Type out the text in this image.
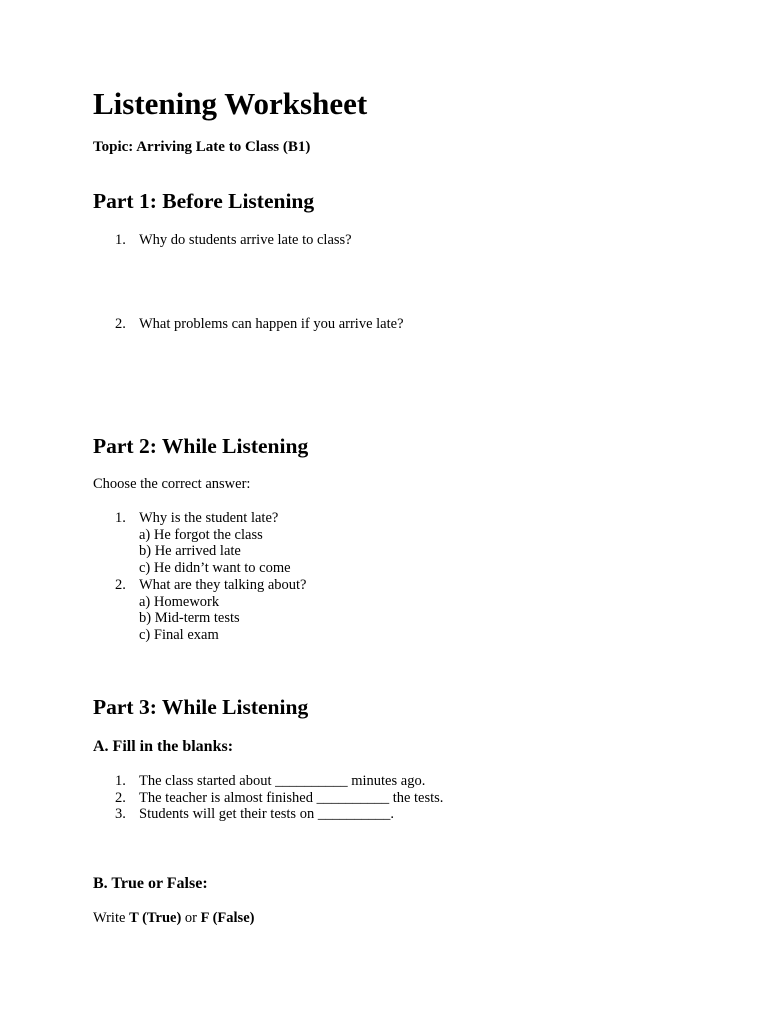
Listening Worksheet

Topic: Arriving Late to Class (B1)

Part 1: Before Listening
1. Why do students arrive late to class?
2. What problems can happen if you arrive late?
Part 2: While Listening

Choose the correct answer:

1. Why is the student late?
a) He forgot the class
b) He arrived late
c) He didn’t want to come
2. What are they talking about?
a) Homework
b) Mid-term tests
c) Final exam
Part 3: While Listening
A. Fill in the blanks:
1. The class started about __________ minutes ago.
2. The teacher is almost finished __________ the tests.
3. Students will get their tests on __________.
B. True or False:

Write T (True) or F (False)
